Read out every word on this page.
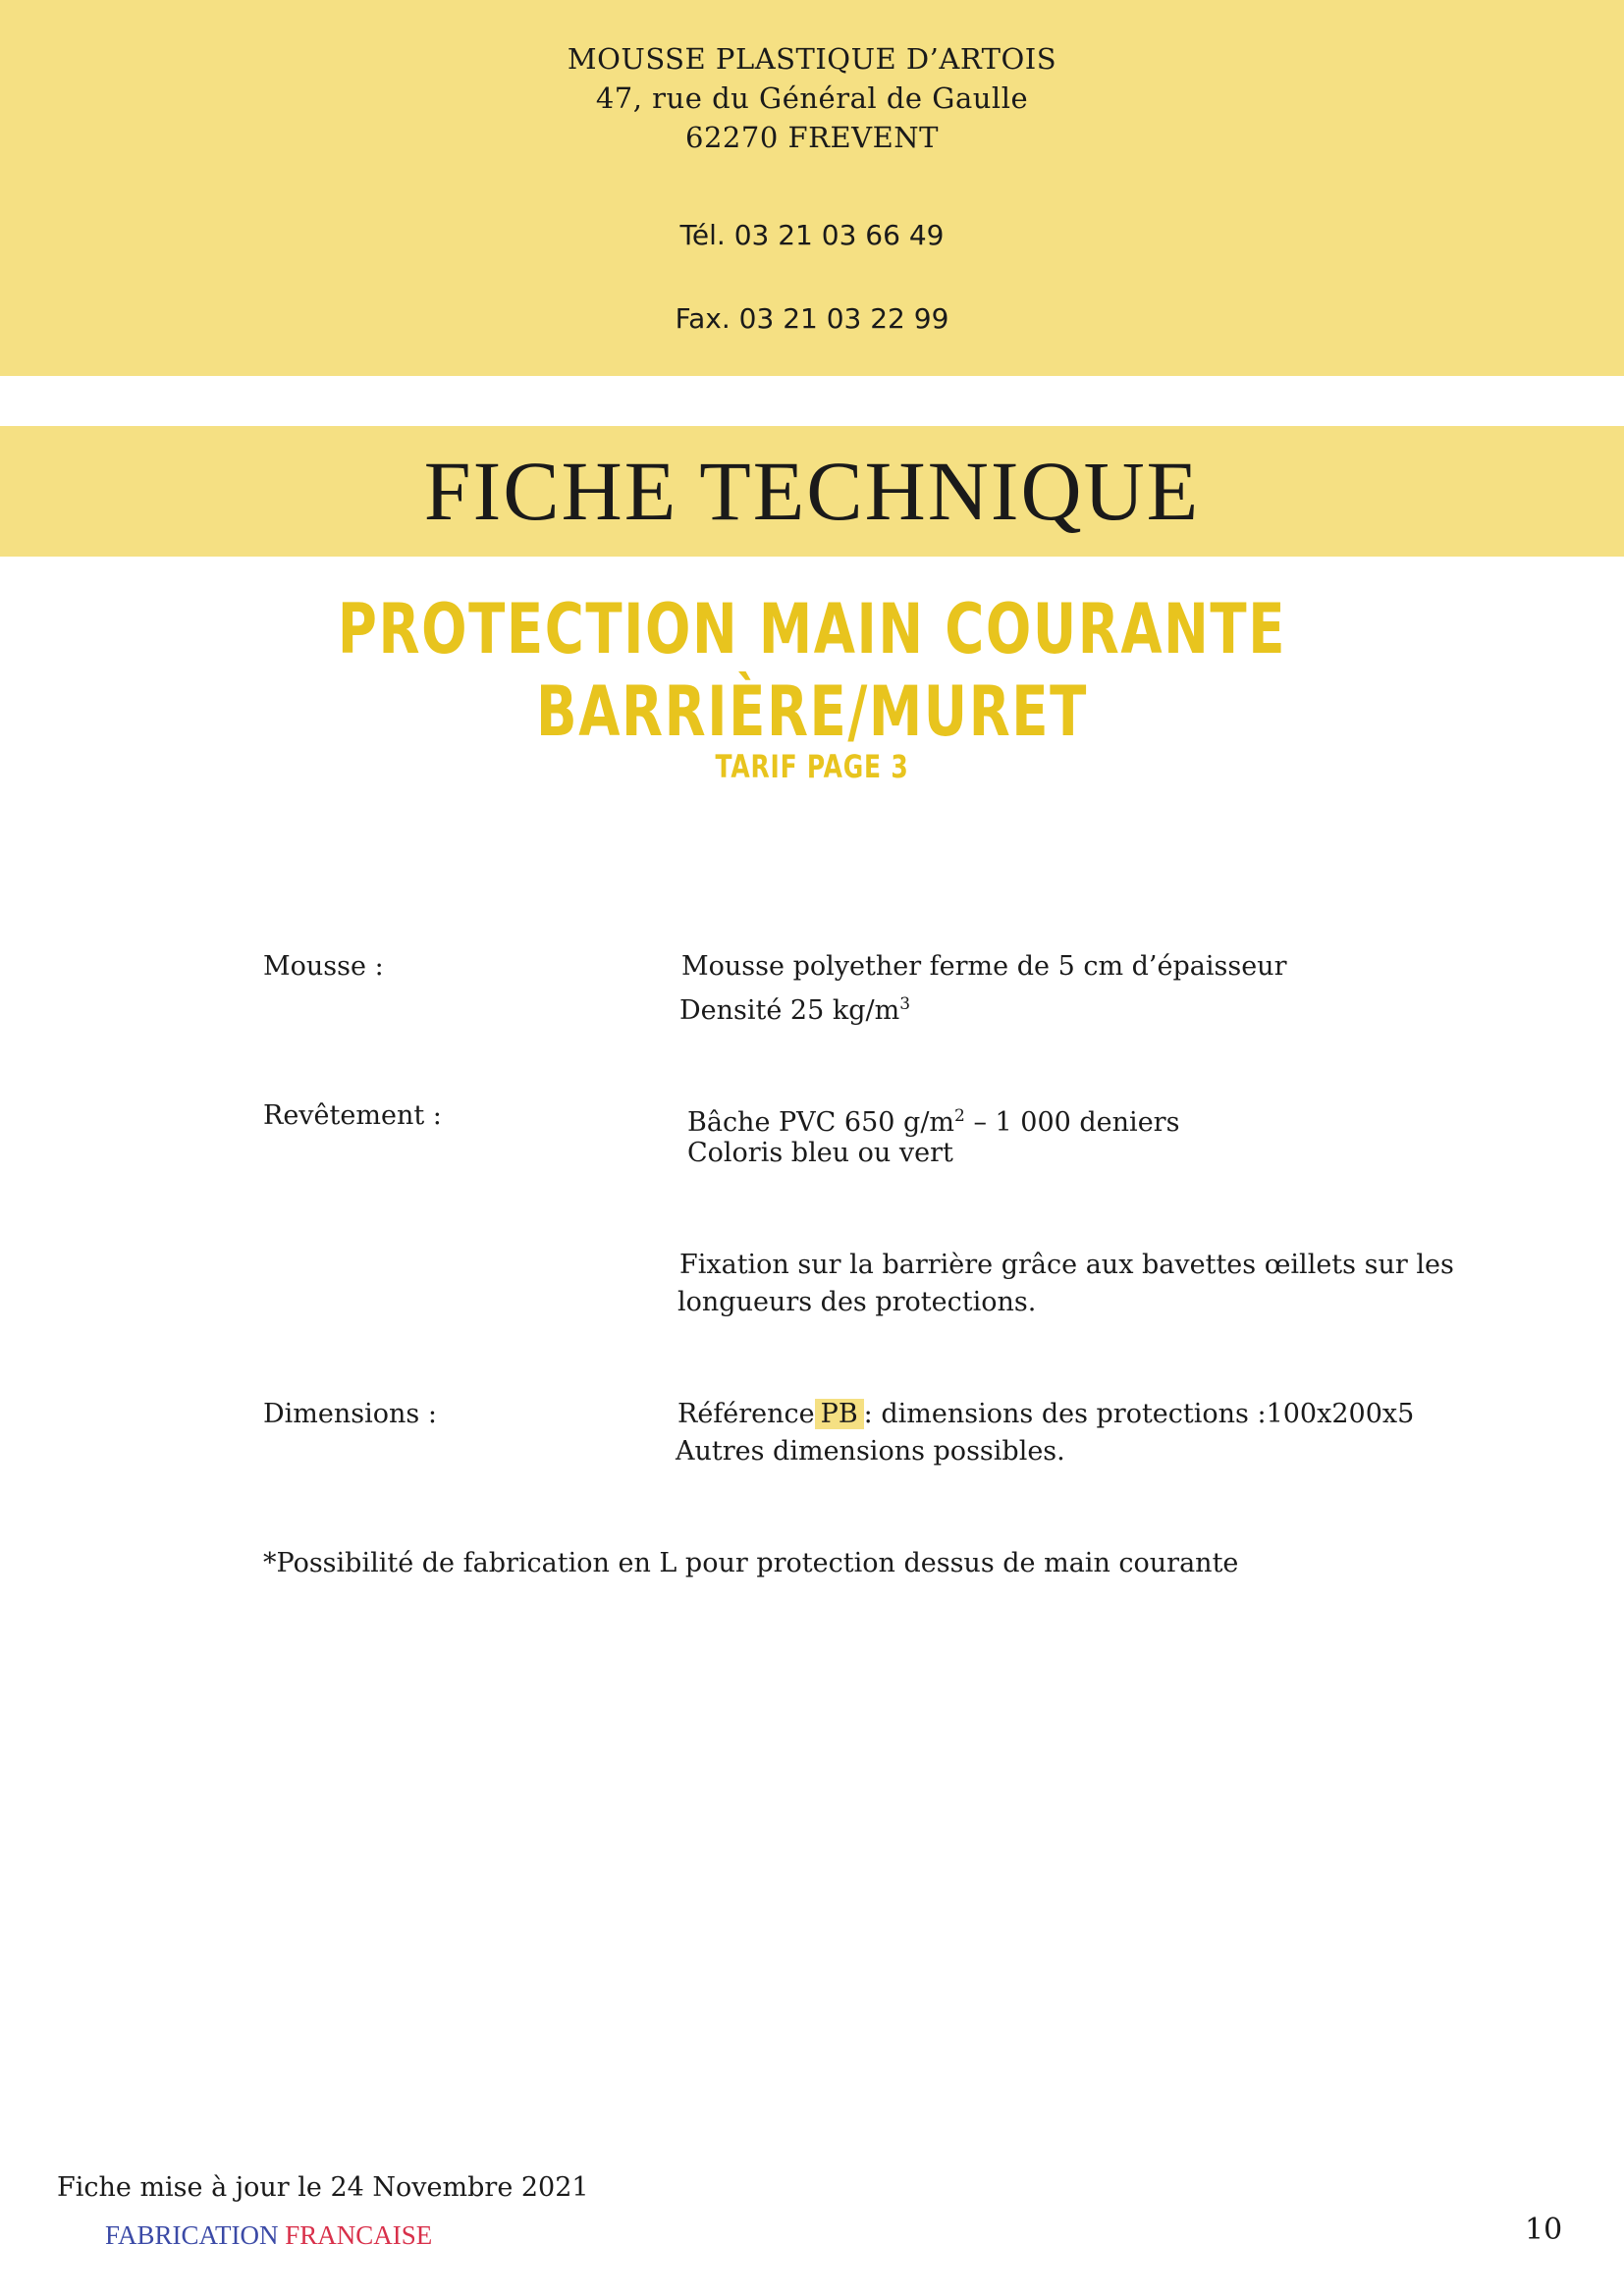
MOUSSE PLASTIQUE D’ARTOIS
47, rue du Général de Gaulle
62270 FREVENT
Tél. 03 21 03 66 49
Fax. 03 21 03 22 99
FICHE TECHNIQUE
PROTECTION MAIN COURANTE
BARRIÈRE/MURET
TARIF PAGE 3
Mousse :	Mousse polyether ferme de 5 cm d’épaisseur
Densité 25 $kg/m^3$
Revêtement :	Bâche PVC 650 $g/m^2 - 1$ 000 deniers
Coloris bleu ou vert
Fixation sur la barrière grâce aux bavettes œillets sur les
longueurs des protections.
Dimensions :	Référence PB : dimensions des protections :100x200x5
Autres dimensions possibles.
*Possibilité de fabrication en L pour protection dessus de main courante
Fiche mise à jour le 24 Novembre 2021
FABRICATION FRANCAISE	10
